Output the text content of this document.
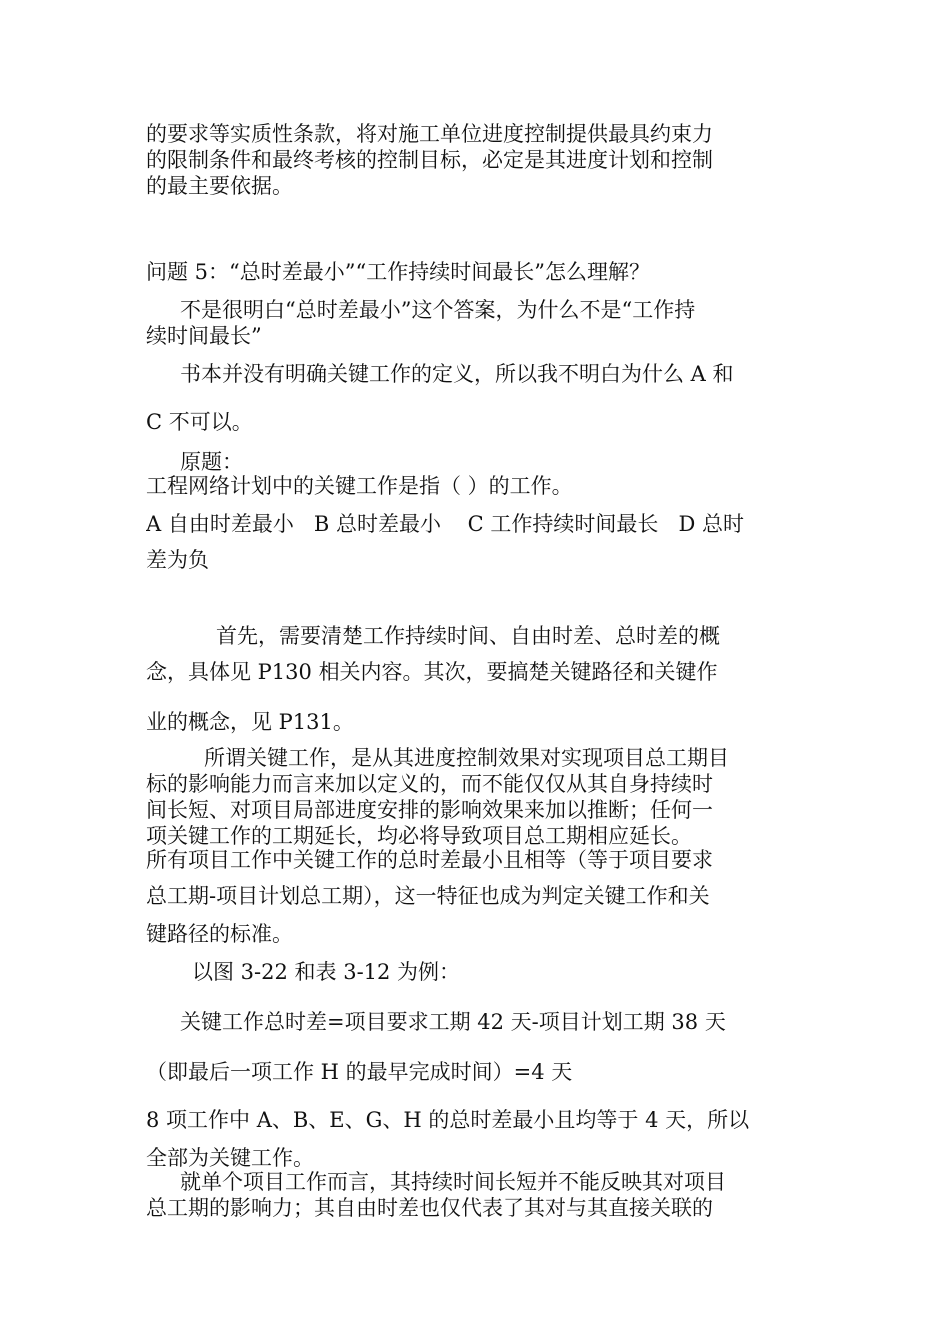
的要求等实质性条款，将对施工单位进度控制提供最具约束力
的限制条件和最终考核的控制目标，必定是其进度计划和控制
的最主要依据。
问题 5：“总时差最小”“工作持续时间最长”怎么理解？
不是很明白“总时差最小”这个答案，为什么不是“工作持
续时间最长”
书本并没有明确关键工作的定义，所以我不明白为什么 A 和
C 不可以。
原题：
工程网络计划中的关键工作是指（ ）的工作。
A 自由时差最小   B 总时差最小    C 工作持续时间最长   D 总时
差为负
首先，需要清楚工作持续时间、自由时差、总时差的概
念，具体见 P130 相关内容。其次，要搞楚关键路径和关键作
业的概念，见 P131。
所谓关键工作，是从其进度控制效果对实现项目总工期目
标的影响能力而言来加以定义的，而不能仅仅从其自身持续时
间长短、对项目局部进度安排的影响效果来加以推断；任何一
项关键工作的工期延长，均必将导致项目总工期相应延长。
所有项目工作中关键工作的总时差最小且相等（等于项目要求
总工期-项目计划总工期），这一特征也成为判定关键工作和关
键路径的标准。
以图 3-22 和表 3-12 为例：
关键工作总时差=项目要求工期 42 天-项目计划工期 38 天
（即最后一项工作 H 的最早完成时间）=4 天
8 项工作中 A、B、E、G、H 的总时差最小且均等于 4 天，所以
全部为关键工作。
就单个项目工作而言，其持续时间长短并不能反映其对项目
总工期的影响力；其自由时差也仅代表了其对与其直接关联的
